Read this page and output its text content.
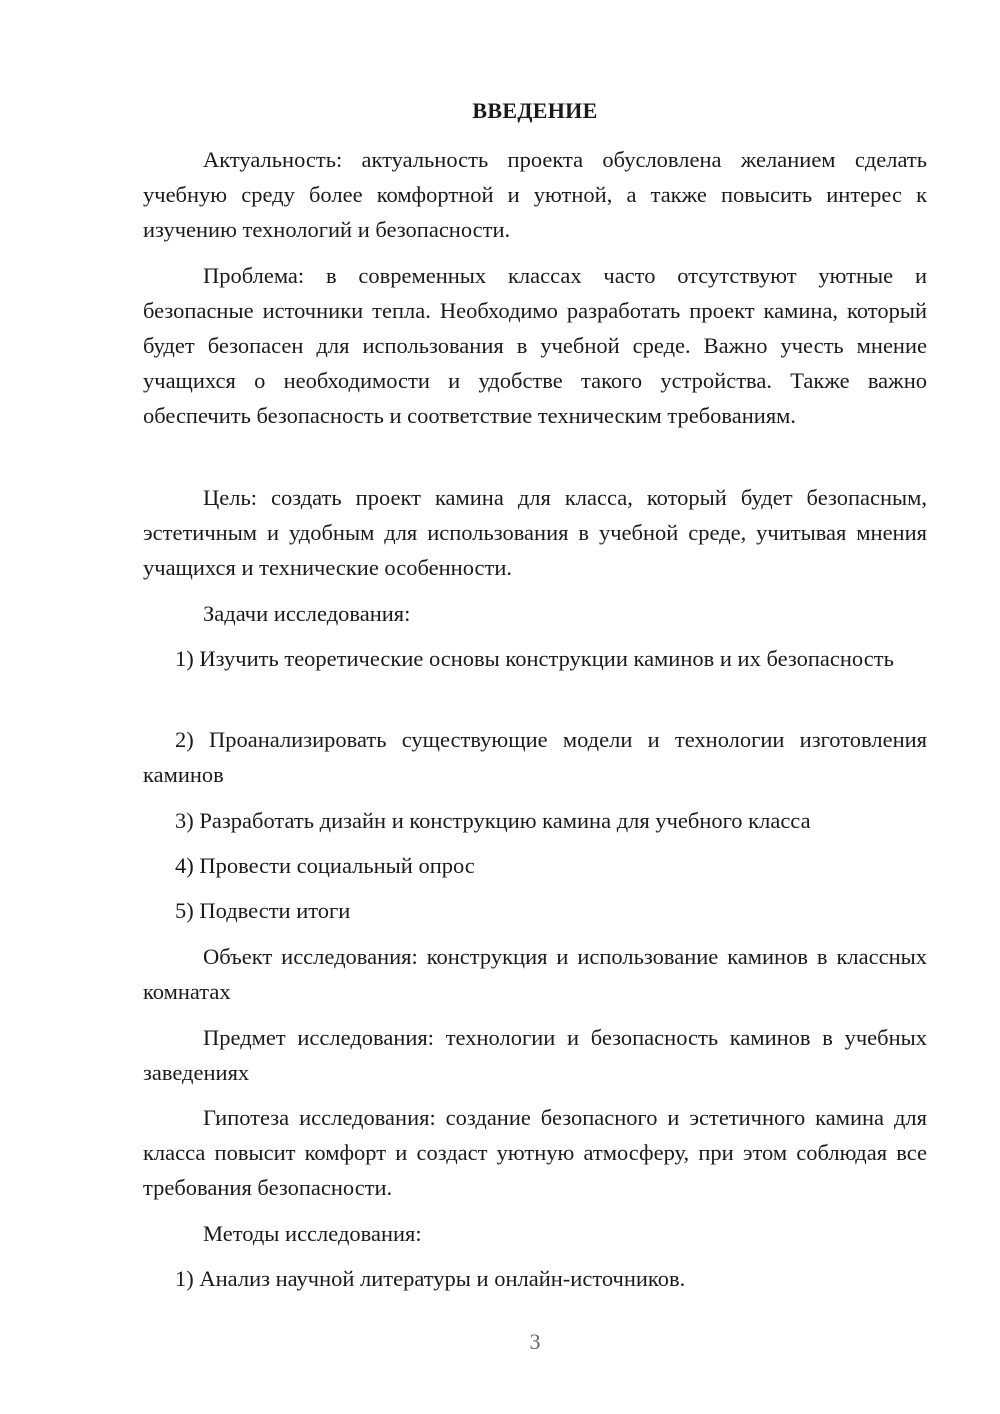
ВВЕДЕНИЕ
Актуальность: актуальность проекта обусловлена желанием сделать учебную среду более комфортной и уютной, а также повысить интерес к изучению технологий и безопасности.
Проблема: в современных классах часто отсутствуют уютные и безопасные источники тепла. Необходимо разработать проект камина, который будет безопасен для использования в учебной среде. Важно учесть мнение учащихся о необходимости и удобстве такого устройства. Также важно обеспечить безопасность и соответствие техническим требованиям.
Цель: создать проект камина для класса, который будет безопасным, эстетичным и удобным для использования в учебной среде, учитывая мнения учащихся и технические особенности.
Задачи исследования:
1) Изучить теоретические основы конструкции каминов и их безопасность
2) Проанализировать существующие модели и технологии изготовления каминов
3) Разработать дизайн и конструкцию камина для учебного класса
4) Провести социальный опрос
5) Подвести итоги
Объект исследования: конструкция и использование каминов в классных комнатах
Предмет исследования: технологии и безопасность каминов в учебных заведениях
Гипотеза исследования: создание безопасного и эстетичного камина для класса повысит комфорт и создаст уютную атмосферу, при этом соблюдая все требования безопасности.
Методы исследования:
1) Анализ научной литературы и онлайн-источников.
3
